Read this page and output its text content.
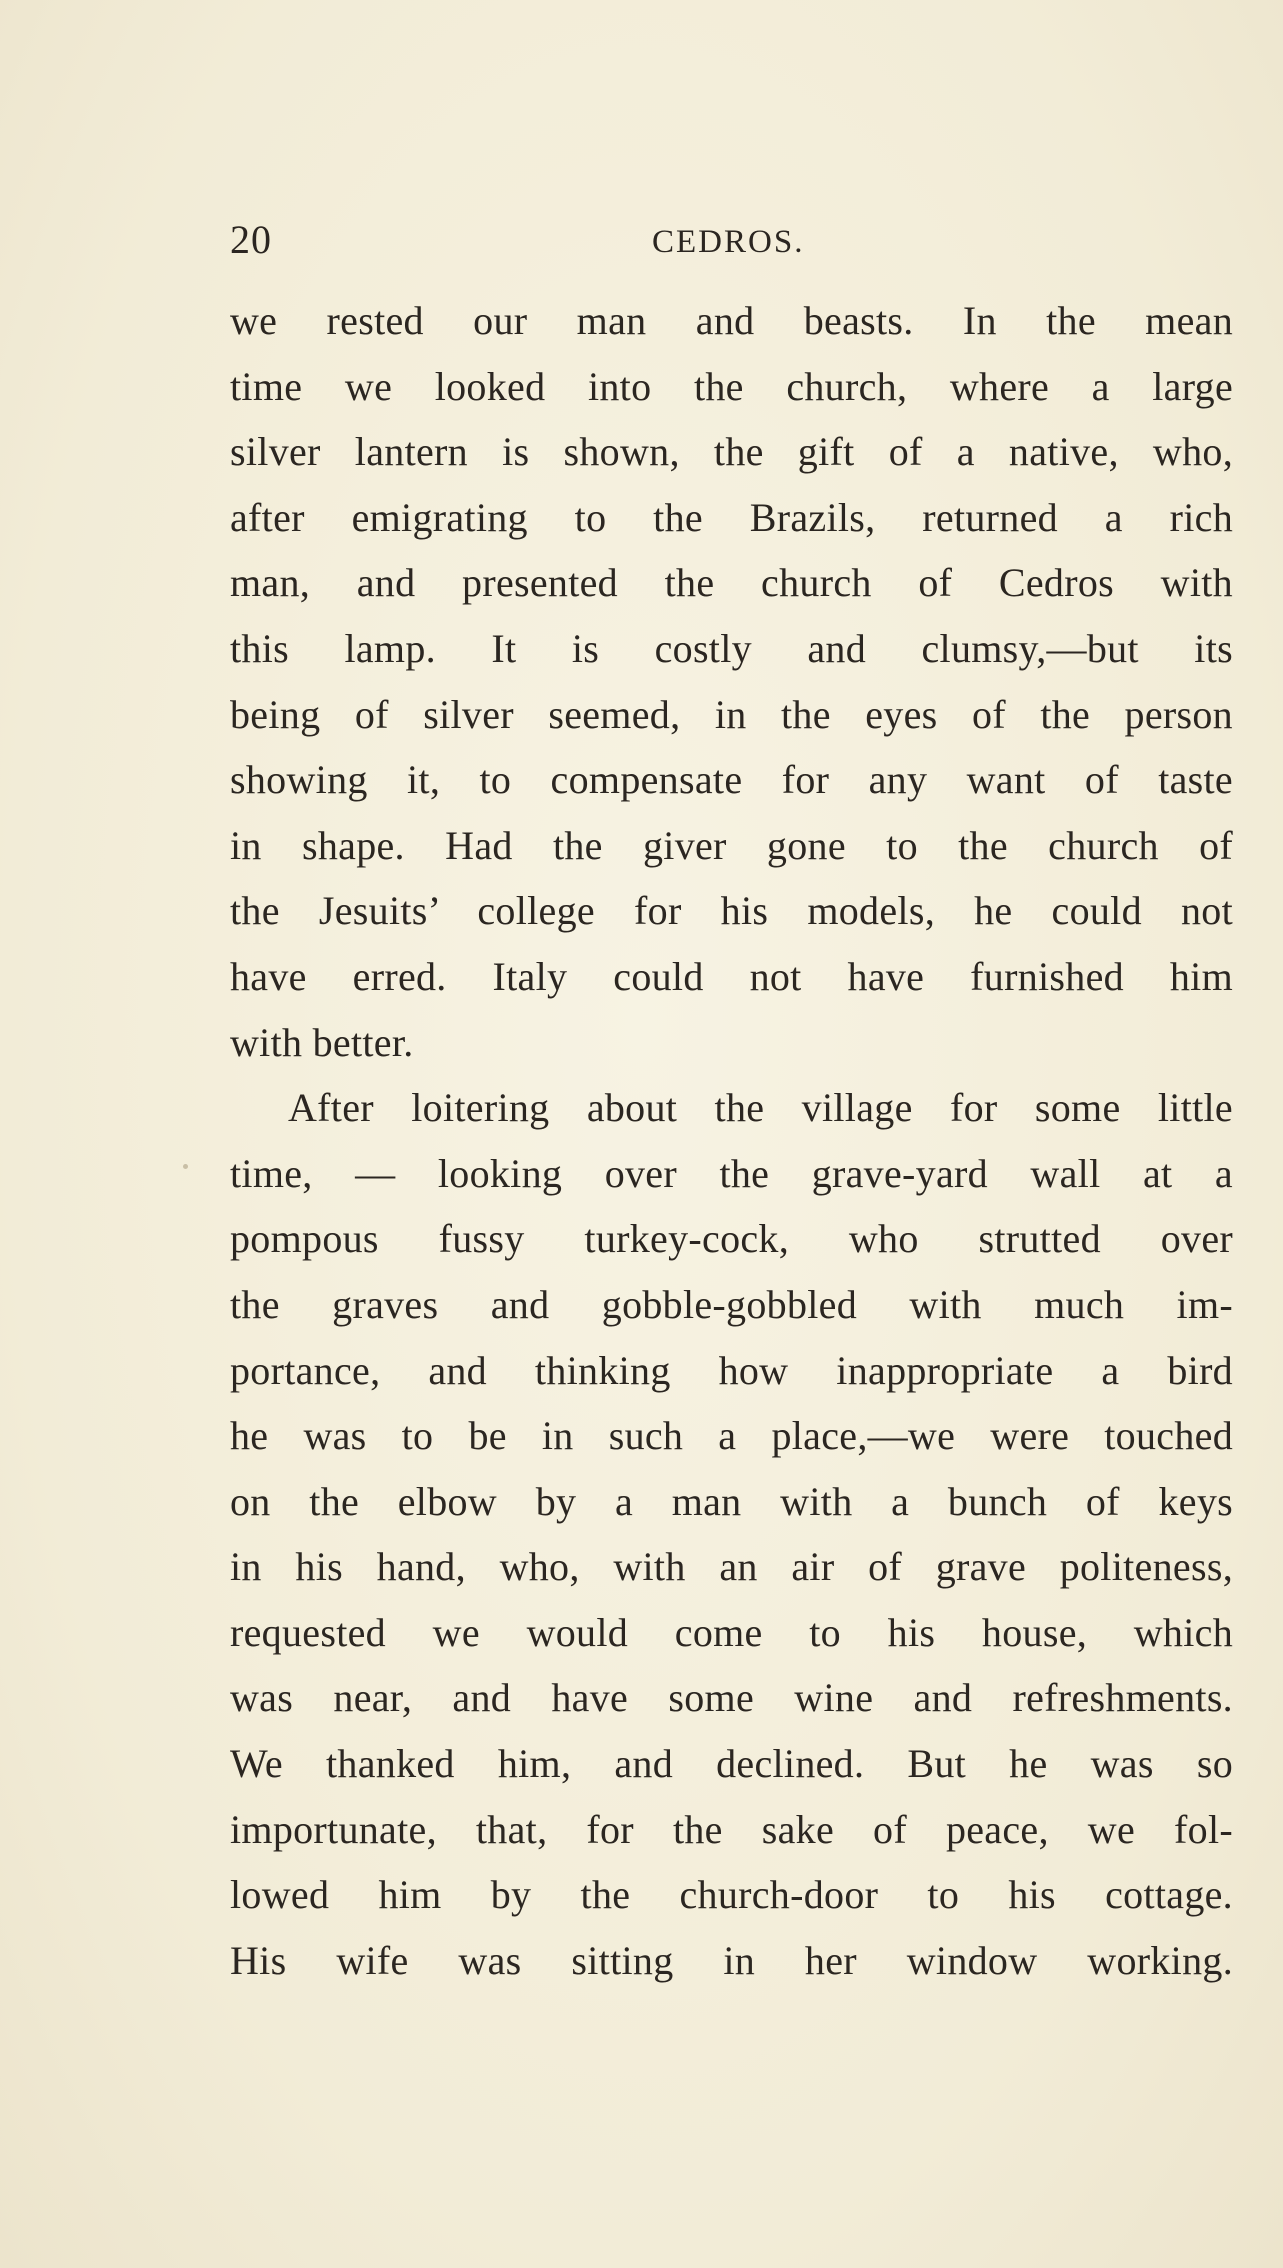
20	CEDROS.
we rested our man and beasts. In the mean
time we looked into the church, where a large
silver lantern is shown, the gift of a native, who,
after emigrating to the Brazils, returned a rich
man, and presented the church of Cedros with
this lamp. It is costly and clumsy,—but its
being of silver seemed, in the eyes of the person
showing it, to compensate for any want of taste
in shape. Had the giver gone to the church of
the Jesuits’ college for his models, he could not
have erred. Italy could not have furnished him
with better.
After loitering about the village for some little
time, — looking over the grave-yard wall at a
pompous fussy turkey-cock, who strutted over
the graves and gobble-gobbled with much im-
portance, and thinking how inappropriate a bird
he was to be in such a place,—we were touched
on the elbow by a man with a bunch of keys
in his hand, who, with an air of grave politeness,
requested we would come to his house, which
was near, and have some wine and refreshments.
We thanked him, and declined. But he was so
importunate, that, for the sake of peace, we fol-
lowed him by the church-door to his cottage.
His wife was sitting in her window working.
